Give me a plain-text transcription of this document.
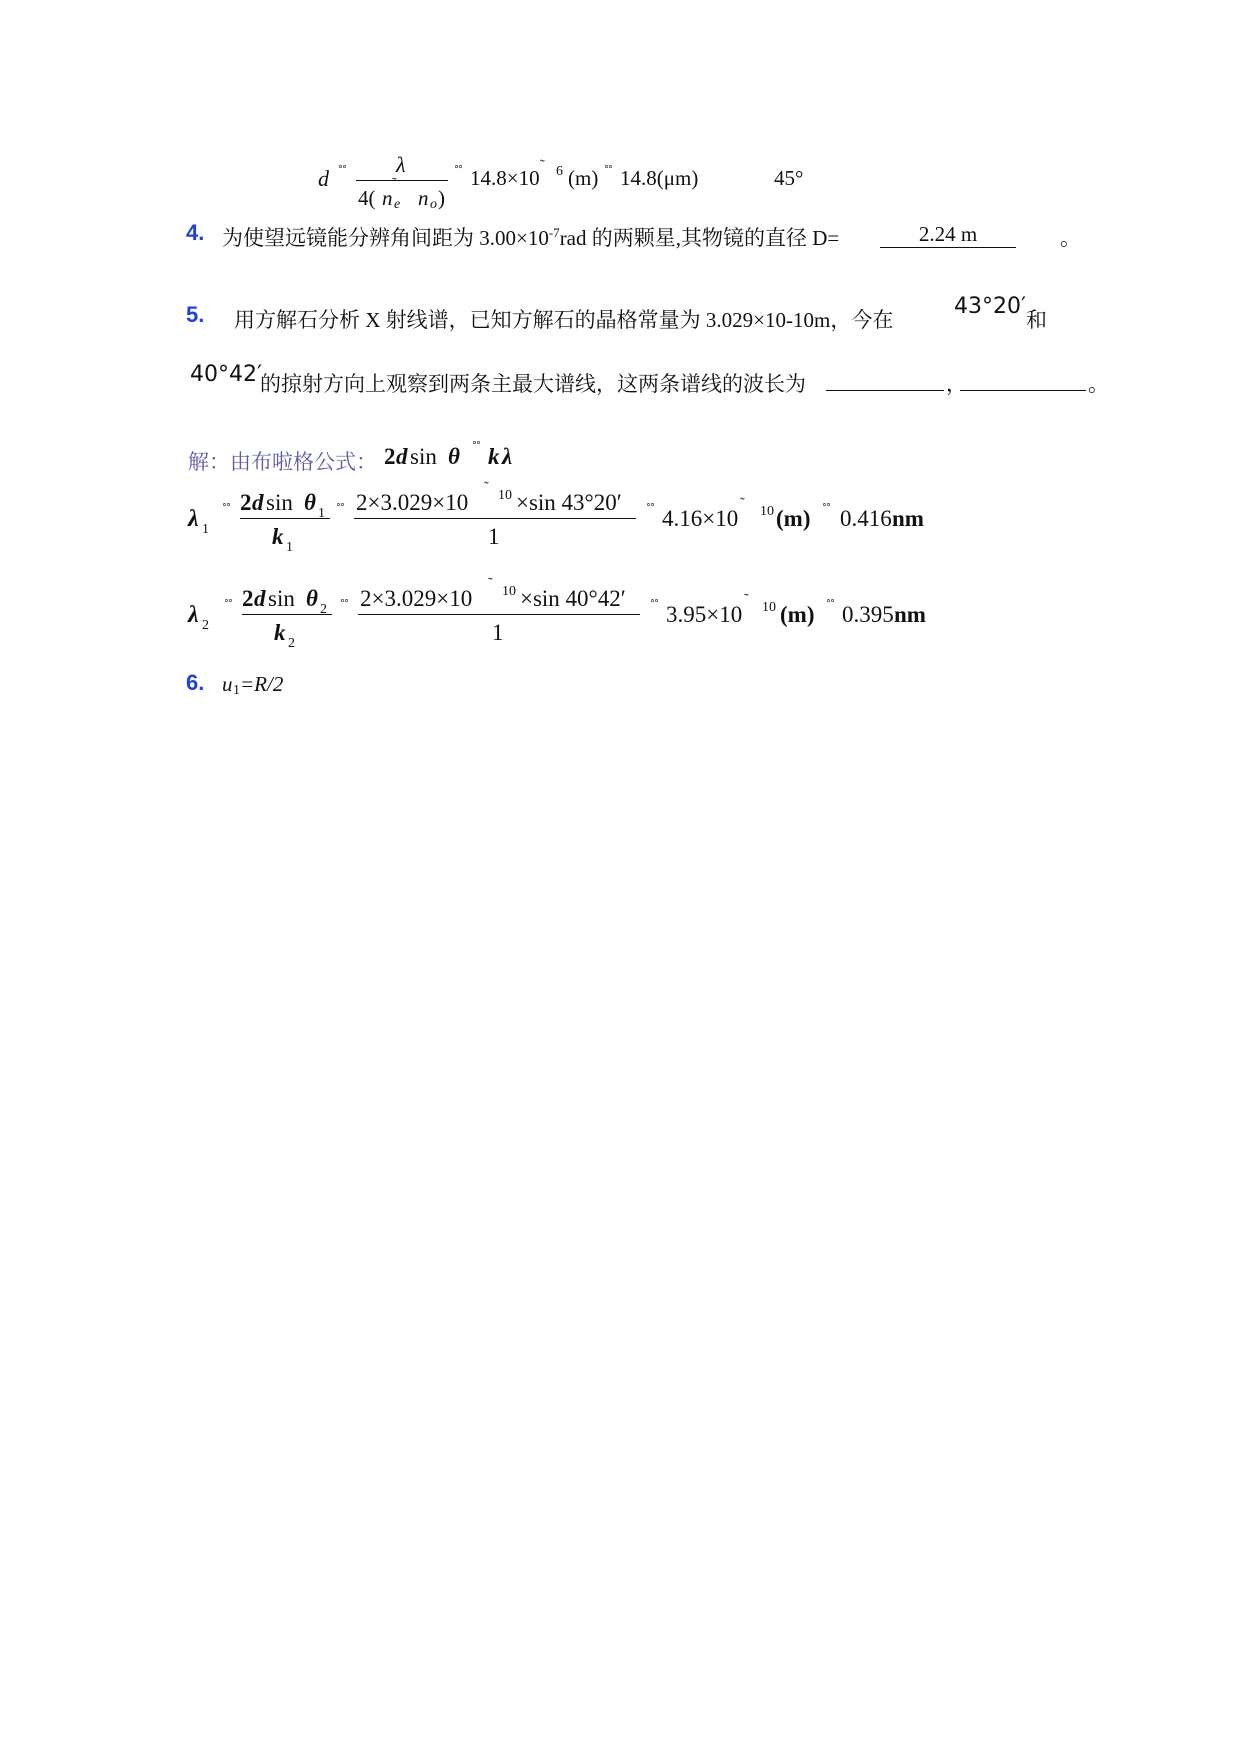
d ˚˚ λ
4( n e
˜
n o )
˚˚ 14.8×10
˜ 6 (m) ˚˚ 14.8(μm)	45°
4. 为使望远镜能分辨角间距为 $3.00\times 10^{-7}rad$ 的两颗星,其物镜的直径 D=	2.24 m	。
5. 用方解石分析 X 射线谱，已知方解石的晶格常量为 3.029×10-10m，今在
43°20′
和
40°42′
的掠射方向上观察到两条主最大谱线，这两条谱线的波长为	，	。
解：由布啦格公式： 2 d sin θ ˚˚ k λ
λ 1
˚˚ 2 d sin θ 1
k 1
˚˚ 2×3.029×10
˜
10 ×sin 43°20′
1
˚˚ 4.16×10
˜
10 (m) ˚˚ 0.416 nm
λ 2
˚˚ 2 d sin θ 2
k 2
˚˚ 2×3.029×10
˜
10 ×sin 40°42′
1
˚˚ 3.95×10
˜
10 (m) ˚˚ 0.395 nm
6. u 1 =R/2
